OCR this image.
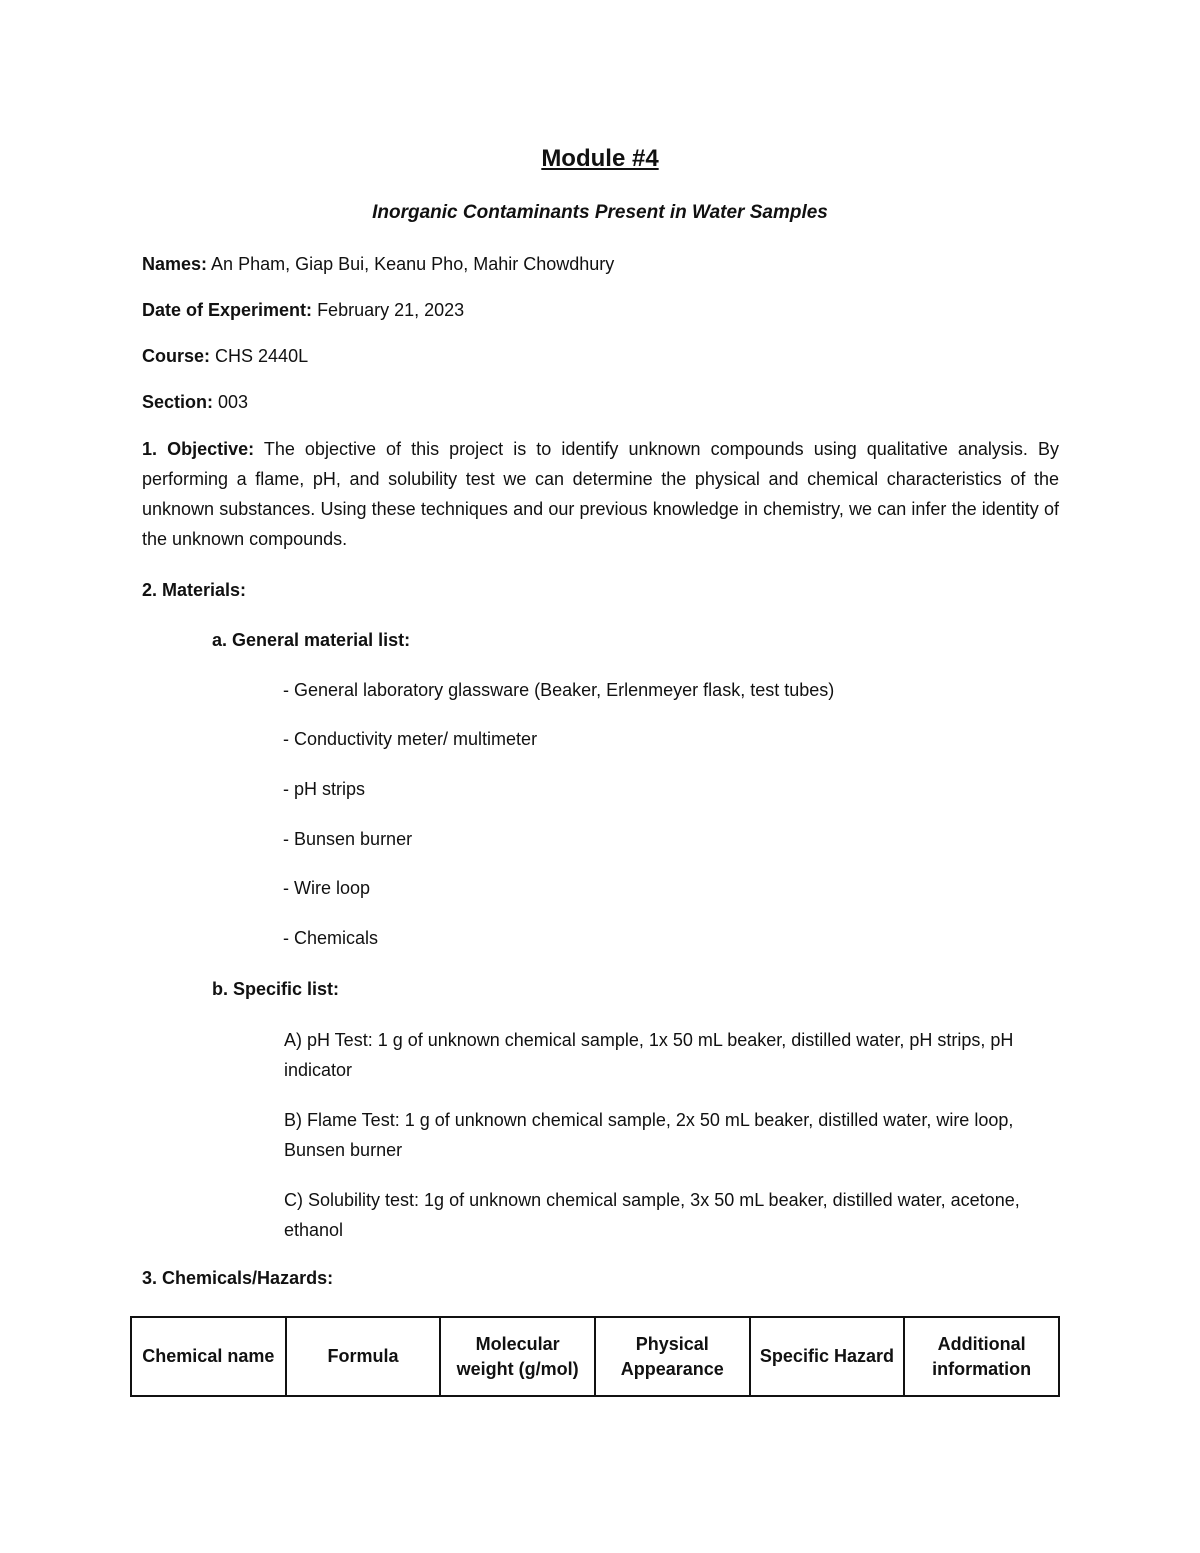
Module #4
Inorganic Contaminants Present in Water Samples
Names: An Pham, Giap Bui, Keanu Pho, Mahir Chowdhury
Date of Experiment: February 21, 2023
Course: CHS 2440L
Section: 003
1. Objective: The objective of this project is to identify unknown compounds using qualitative analysis. By performing a flame, pH, and solubility test we can determine the physical and chemical characteristics of the unknown substances. Using these techniques and our previous knowledge in chemistry, we can infer the identity of the unknown compounds.
2. Materials:
a. General material list:
- General laboratory glassware (Beaker, Erlenmeyer flask, test tubes)
- Conductivity meter/ multimeter
- pH strips
- Bunsen burner
- Wire loop
- Chemicals
b. Specific list:
A) pH Test: 1 g of unknown chemical sample, 1x 50 mL beaker, distilled water, pH strips, pH indicator
B) Flame Test: 1 g of unknown chemical sample, 2x 50 mL beaker, distilled water, wire loop, Bunsen burner
C) Solubility test: 1g of unknown chemical sample, 3x 50 mL beaker, distilled water, acetone, ethanol
3. Chemicals/Hazards:
Chemical name	Formula	Molecular weight (g/mol)	Physical Appearance	Specific Hazard	Additional information
